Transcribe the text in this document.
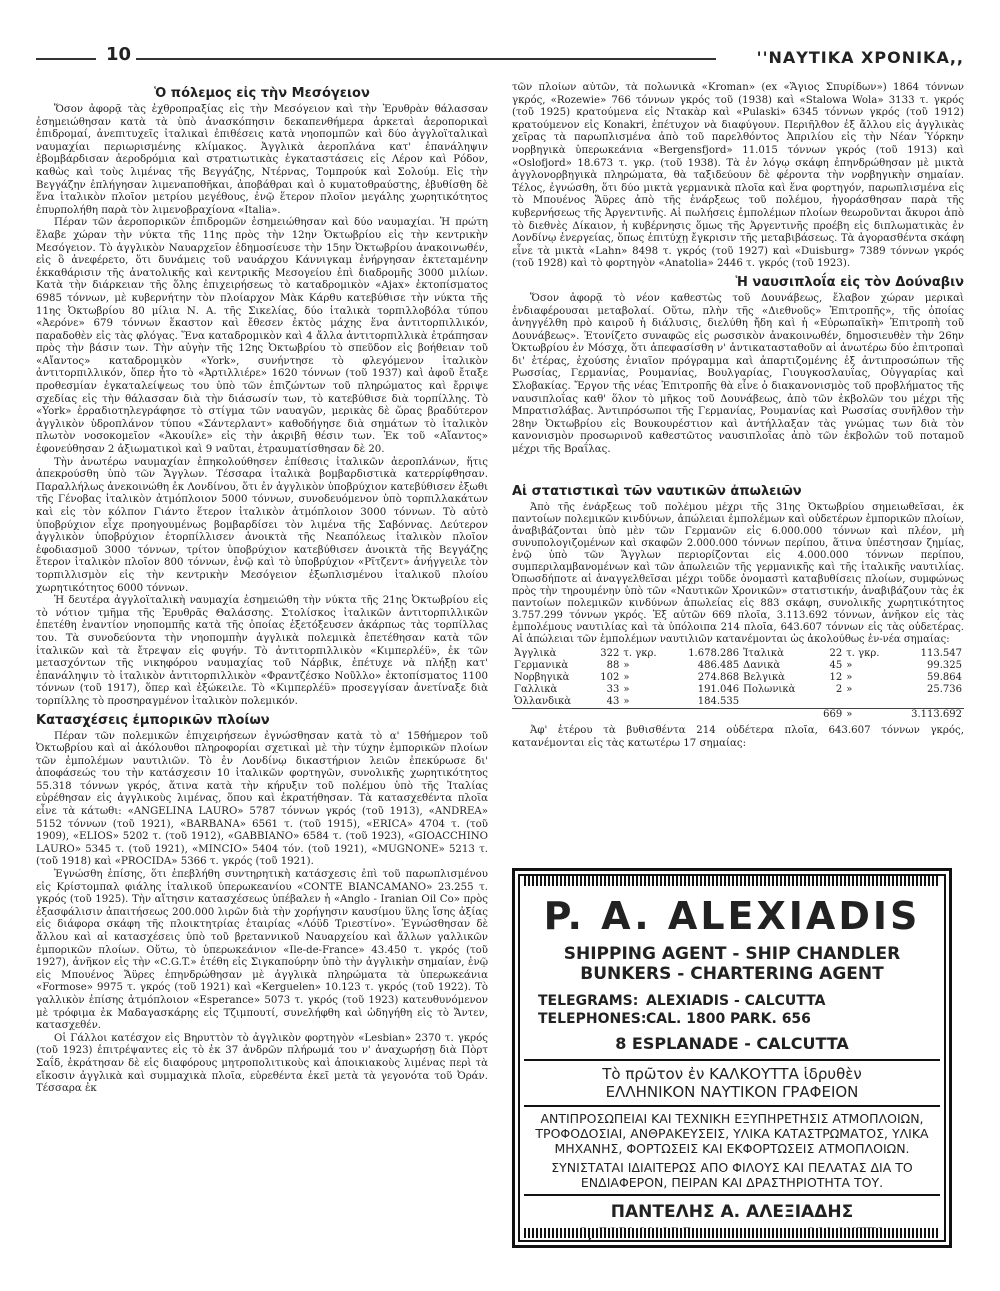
10	''ΝΑΥΤΙΚΑ ΧΡΟΝΙΚΑ,,
Ὁ πόλεμος εἰς τὴν Μεσόγειον

Ὅσον ἀφορᾷ τὰς ἐχθροπραξίας εἰς τὴν Μεσόγειον καὶ τὴν Ἐρυθρὰν θάλασσαν ἐσημειώθησαν κατὰ τὰ ὑπὸ ἀνασκόπησιν δεκαπενθήμερα ἀρκεταὶ ἀεροπορικαὶ ἐπιδρομαί, ἀνεπιτυχεῖς ἰταλικαὶ ἐπιθέσεις κατὰ νηοπομπῶν καὶ δύο ἀγγλοϊταλικαὶ ναυμαχίαι περιωρισμένης κλίμακος. Ἀγγλικὰ ἀεροπλάνα κατ' ἐπανάληψιν ἐβομβάρδισαν ἀεροδρόμια καὶ στρατιωτικὰς ἐγκαταστάσεις εἰς Λέρον καὶ Ρόδον, καθὼς καὶ τοὺς λιμένας τῆς Βεγγάζης, Ντέρνας, Τομπρούκ καὶ Σολούμ. Εἰς τὴν Βεγγάζην ἐπλήγησαν λιμεναποθῆκαι, ἀποβάθραι καὶ ὁ κυματοθραύστης, ἐβυθίσθη δὲ ἕνα ἰταλικὸν πλοῖον μετρίου μεγέθους, ἐνῷ ἕτερον πλοῖον μεγάλης χωρητικότητος ἐπυρπολήθη παρὰ τὸν λιμενοβραχίονα «Italia».

Πέραν τῶν ἀεροπορικῶν ἐπιδρομῶν ἐσημειώθησαν καὶ δύο ναυμαχίαι. Ἡ πρώτη ἔλαβε χώραν τὴν νύκτα τῆς 11ης πρὸς τὴν 12ην Ὀκτωβρίου εἰς τὴν κεντρικὴν Μεσόγειον. Τὸ ἀγγλικὸν Ναυαρχεῖον ἐδημοσίευσε τὴν 15ην Ὀκτωβρίου ἀνακοινωθέν, εἰς ὃ ἀνεφέρετο, ὅτι δυνάμεις τοῦ ναυάρχου Κάννιγκαμ ἐνήργησαν ἐκτεταμένην ἐκκαθάρισιν τῆς ἀνατολικῆς καὶ κεντρικῆς Μεσογείου ἐπὶ διαδρομῆς 3000 μιλίων. Κατὰ τὴν διάρκειαν τῆς ὅλης ἐπιχειρήσεως τὸ καταδρομικὸν «Ajax» ἐκτοπίσματος 6985 τόννων, μὲ κυβερνήτην τὸν πλοίαρχον Μὰκ Κάρθυ κατεβύθισε τὴν νύκτα τῆς 11ης Ὀκτωβρίου 80 μίλια Ν. Α. τῆς Σικελίας, δύο ἰταλικὰ τορπιλλοβόλα τύπου «Ἀερόνε» 679 τόννων ἕκαστον καὶ ἔθεσεν ἐκτὸς μάχης ἕνα ἀντιτορπιλλικόν, παραδοθὲν εἰς τὰς φλόγας. Ἕνα καταδρομικὸν καὶ 4 ἄλλα ἀντιτορπιλλικὰ ἐτράπησαν πρὸς τὴν βάσιν των. Τὴν αὐγὴν τῆς 12ης Ὀκτωβρίου τὸ σπεῦδον εἰς βοήθειαν τοῦ «Αἴαντος» καταδρομικὸν «York», συνήντησε τὸ φλεγόμενον ἰταλικὸν ἀντιτορπιλλικόν, ὅπερ ἦτο τὸ «Ἀρτιλλιέρε» 1620 τόννων (τοῦ 1937) καὶ ἀφοῦ ἔταξε προθεσμίαν ἐγκαταλείψεως του ὑπὸ τῶν ἐπιζώντων τοῦ πληρώματος καὶ ἔρριψε σχεδίας εἰς τὴν θάλασσαν διὰ τὴν διάσωσίν των, τὸ κατεβύθισε διὰ τορπίλλης. Τὸ «York» ἐρραδιοτηλεγράφησε τὸ στίγμα τῶν ναυαγῶν, μερικὰς δὲ ὥρας βραδύτερον ἀγγλικὸν ὑδροπλάνον τύπου «Σάντερλαντ» καθοδήγησε διὰ σημάτων τὸ ἰταλικὸν πλωτὸν νοσοκομεῖον «Ἀκουίλε» εἰς τὴν ἀκριβῆ θέσιν των. Ἐκ τοῦ «Αἴαντος» ἐφονεύθησαν 2 ἀξιωματικοὶ καὶ 9 ναῦται, ἐτραυματίσθησαν δὲ 20.

Τὴν ἀνωτέρω ναυμαχίαν ἐπηκολούθησεν ἐπίθεσις ἰταλικῶν ἀεροπλάνων, ἥτις ἀπεκρούσθη ὑπὸ τῶν Ἄγγλων. Τέσσαρα ἰταλικὰ βομβαρδιστικὰ κατερρίφθησαν. Παραλλήλως ἀνεκοινώθη ἐκ Λονδίνου, ὅτι ἐν ἀγγλικὸν ὑποβρύχιον κατεβύθισεν ἐξωθι τῆς Γένοβας ἰταλικὸν ἀτμόπλοιον 5000 τόννων, συνοδευόμενον ὑπὸ τορπιλλακάτων καὶ εἰς τὸν κόλπον Γιάντο ἕτερον ἰταλικὸν ἀτμόπλοιον 3000 τόννων. Τὸ αὐτὸ ὑποβρύχιον εἶχε προηγουμένως βομβαρδίσει τὸν λιμένα τῆς Σαβόννας. Δεύτερον ἀγγλικὸν ὑποβρύχιον ἐτορπίλλισεν ἀνοικτὰ τῆς Νεαπόλεως ἰταλικὸν πλοῖον ἐφοδιασμοῦ 3000 τόννων, τρίτον ὑποβρύχιον κατεβύθισεν ἀνοικτὰ τῆς Βεγγάζης ἕτερον ἰταλικὸν πλοῖον 800 τόννων, ἐνῷ καὶ τὸ ὑποβρύχιον «Ρῖτζεντ» ἀνήγγειλε τὸν τορπιλλισμὸν εἰς τὴν κεντρικὴν Μεσόγειον ἐξωπλισμένου ἰταλικοῦ πλοίου χωρητικότητος 6000 τόννων.

Ἡ δευτέρα ἀγγλοϊταλικὴ ναυμαχία ἐσημειώθη τὴν νύκτα τῆς 21ης Ὀκτωβρίου εἰς τὸ νότιον τμῆμα τῆς Ἐρυθρᾶς Θαλάσσης. Στολίσκος ἰταλικῶν ἀντιτορπιλλικῶν ἐπετέθη ἐναντίον νηοπομπῆς κατὰ τῆς ὁποίας ἐξετόξευσεν ἀκάρπως τὰς τορπίλλας του. Τὰ συνοδεύοντα τὴν νηοπομπὴν ἀγγλικὰ πολεμικὰ ἐπετέθησαν κατὰ τῶν ἰταλικῶν καὶ τὰ ἔτρεψαν εἰς φυγήν. Τὸ ἀντιτορπιλλικὸν «Κιμπερλέϋ», ἐκ τῶν μετασχόντων τῆς νικηφόρου ναυμαχίας τοῦ Νάρβικ, ἐπέτυχε νὰ πλήξῃ κατ' ἐπανάληψιν τὸ ἰταλικὸν ἀντιτορπιλλικὸν «Φραντζέσκο Νοῦλλο» ἐκτοπίσματος 1100 τόννων (τοῦ 1917), ὅπερ καὶ ἐξώκειλε. Τὸ «Κιμπερλέϋ» προσεγγίσαν ἀνετίναξε διὰ τορπίλλης τὸ προσηραγμένον ἰταλικὸν πολεμικόν.

Κατασχέσεις ἐμπορικῶν πλοίων

Πέραν τῶν πολεμικῶν ἐπιχειρήσεων ἐγνώσθησαν κατὰ τὸ α' 15θήμερον τοῦ Ὀκτωβρίου καὶ αἱ ἀκόλουθοι πληροφορίαι σχετικαὶ μὲ τὴν τύχην ἐμπορικῶν πλοίων τῶν ἐμπολέμων ναυτιλιῶν. Τὸ ἐν Λονδίνῳ δικαστήριον λειῶν ἐπεκύρωσε δι' ἀποφάσεώς του τὴν κατάσχεσιν 10 ἰταλικῶν φορτηγῶν, συνολικῆς χωρητικότητος 55.318 τόννων γκρός, ἅτινα κατὰ τὴν κήρυξιν τοῦ πολέμου ὑπὸ τῆς Ἰταλίας εὑρέθησαν εἰς ἀγγλικοὺς λιμένας, ὅπου καὶ ἐκρατήθησαν. Τὰ κατασχεθέντα πλοῖα εἶνε τὰ κάτωθι: «ANGELINA LAURO» 5787 τόννων γκρός (τοῦ 1913), «ANDREA» 5152 τόννων (τοῦ 1921), «BARBANA» 6561 τ. (τοῦ 1915), «ERICA» 4704 τ. (τοῦ 1909), «ELIOS» 5202 τ. (τοῦ 1912), «GABBIANO» 6584 τ. (τοῦ 1923), «GIOACCHINO LAURO» 5345 τ. (τοῦ 1921), «MINCIO» 5404 τόν. (τοῦ 1921), «MUGNONE» 5213 τ. (τοῦ 1918) καὶ «PROCIDA» 5366 τ. γκρός (τοῦ 1921).

Ἐγνώσθη ἐπίσης, ὅτι ἐπεβλήθη συντηρητικὴ κατάσχεσις ἐπὶ τοῦ παρωπλισμένου εἰς Κρίστομπαλ φιάλης ἰταλικοῦ ὑπερωκεανίου «CONTE BIANCAMANO» 23.255 τ. γκρός (τοῦ 1925). Τὴν αἴτησιν κατασχέσεως ὑπέβαλεν ἡ «Anglo - Iranian Oil Co» πρὸς ἐξασφάλισιν ἀπαιτήσεως 200.000 λιρῶν διὰ τὴν χορήγησιν καυσίμου ὕλης ἴσης ἀξίας εἰς διάφορα σκάφη τῆς πλοικτητρίας ἑταιρίας «Λόϋδ Τριεστίνο». Ἐγνώσθησαν δὲ ἄλλου καὶ αἱ κατασχέσεις ὑπὸ τοῦ βρεταννικοῦ Ναυαρχείου καὶ ἄλλων γαλλικῶν ἐμπορικῶν πλοίων. Οὕτω, τὸ ὑπερωκεάνιον «Ile-de-France» 43.450 τ. γκρός (τοῦ 1927), ἀνῆκον εἰς τὴν «C.G.T.» ἐτέθη εἰς Σιγκαπούρην ὑπὸ τὴν ἀγγλικὴν σημαίαν, ἐνῷ εἰς Μπουένος Ἄϋρες ἐπηνδρώθησαν μὲ ἀγγλικὰ πληρώματα τὰ ὑπερωκεάνια «Formose» 9975 τ. γκρός (τοῦ 1921) καὶ «Kerguelen» 10.123 τ. γκρός (τοῦ 1922). Τὸ γαλλικὸν ἐπίσης ἀτμόπλοιον «Esperance» 5073 τ. γκρός (τοῦ 1923) κατευθυνόμενον μὲ τρόφιμα ἐκ Μαδαγασκάρης εἰς Τζιμπουτί, συνελήφθη καὶ ὡδηγήθη εἰς τὸ Ἄντεν, κατασχεθέν.

Οἱ Γάλλοι κατέσχον εἰς Βηρυττὸν τὸ ἀγγλικὸν φορτηγὸν «Lesbian» 2370 τ. γκρός (τοῦ 1923) ἐπιτρέψαντες εἰς τὸ ἐκ 37 ἀνδρῶν πλήρωμά του ν' ἀναχωρήσῃ διὰ Πὸρτ Σαΐδ, ἐκράτησαν δὲ εἰς διαφόρους μητροπολιτικοὺς καὶ ἀποικιακοὺς λιμένας περὶ τὰ εἴκοσιν ἀγγλικὰ καὶ συμμαχικὰ πλοῖα, εὑρεθέντα ἐκεῖ μετὰ τὰ γεγονότα τοῦ Ὀράν. Τέσσαρα ἐκ

τῶν πλοίων αὐτῶν, τὰ πολωνικὰ «Kroman» (ex «Ἅγιος Σπυρίδων») 1864 τόννων γκρός, «Rozewie» 766 τόννων γκρός τοῦ (1938) καὶ «Stalowa Wola» 3133 τ. γκρός (τοῦ 1925) κρατούμενα εἰς Ντακὰρ καὶ «Pulaski» 6345 τόννων γκρός (τοῦ 1912) κρατούμενον εἰς Konakri, ἐπέτυχον νὰ διαφύγουν. Περιῆλθον ἐξ ἄλλου εἰς ἀγγλικὰς χεῖρας τὰ παρωπλισμένα ἀπὸ τοῦ παρελθόντος Ἀπριλίου εἰς τὴν Νέαν Ὑόρκην νορβηγικὰ ὑπερωκεάνια «Bergensfjord» 11.015 τόννων γκρός (τοῦ 1913) καὶ «Oslofjord» 18.673 τ. γκρ. (τοῦ 1938). Τὰ ἐν λόγῳ σκάφη ἐπηνδρώθησαν μὲ μικτὰ ἀγγλονορβηγικὰ πληρώματα, θὰ ταξιδεύουν δὲ φέροντα τὴν νορβηγικὴν σημαίαν. Τέλος, ἐγνώσθη, ὅτι δύο μικτὰ γερμανικὰ πλοῖα καὶ ἕνα φορτηγόν, παρωπλισμένα εἰς τὸ Μπουένος Ἄϋρες ἀπὸ τῆς ἐνάρξεως τοῦ πολέμου, ἠγοράσθησαν παρὰ τῆς κυβερνήσεως τῆς Ἀργεντινῆς. Αἱ πωλήσεις ἐμπολέμων πλοίων θεωροῦνται ἄκυροι ἀπὸ τὸ διεθνὲς Δίκαιον, ἡ κυβέρνησις ὅμως τῆς Ἀργεντινῆς προέβη εἰς διπλωματικὰς ἐν Λονδίνῳ ἐνεργείας, ὅπως ἐπιτύχῃ ἔγκρισιν τῆς μεταβιβάσεως. Τὰ ἀγορασθέντα σκάφη εἶνε τὰ μικτὰ «Lahn» 8498 τ. γκρός (τοῦ 1927) καὶ «Duisburg» 7389 τόννων γκρός (τοῦ 1928) καὶ τὸ φορτηγὸν «Anatolia» 2446 τ. γκρός (τοῦ 1923).

Ἡ ναυσιπλοΐα εἰς τὸν Δούναβιν

Ὅσον ἀφορᾷ τὸ νέον καθεστὼς τοῦ Δουνάβεως, ἔλαβον χώραν μερικαὶ ἐνδιαφέρουσαι μεταβολαί. Οὕτω, πλὴν τῆς «Διεθνοῦς» Ἐπιτροπῆς», τῆς ὁποίας ἀνηγγέλθη πρὸ καιροῦ ἡ διάλυσις, διελύθη ἤδη καὶ ἡ «Εὐρωπαϊκὴ» Ἐπιτροπὴ τοῦ Δουνάβεως». Ἐτονίζετο συναφῶς εἰς ρωσσικὸν ἀνακοινωθέν, δημοσιευθὲν τὴν 26ην Ὀκτωβρίου ἐν Μόσχᾳ, ὅτι ἀπεφασίσθη ν' ἀντικατασταθοῦν αἱ ἀνωτέρω δύο ἐπιτροπαὶ δι' ἑτέρας, ἐχούσης ἐνιαῖον πρόγραμμα καὶ ἀπαρτιζομένης ἐξ ἀντιπροσώπων τῆς Ρωσσίας, Γερμανίας, Ρουμανίας, Βουλγαρίας, Γιουγκοσλαυΐας, Οὑγγαρίας καὶ Σλοβακίας. Ἔργον τῆς νέας Ἐπιτροπῆς θὰ εἶνε ὁ διακανονισμὸς τοῦ προβλήματος τῆς ναυσιπλοΐας καθ' ὅλον τὸ μῆκος τοῦ Δουνάβεως, ἀπὸ τῶν ἐκβολῶν του μέχρι τῆς Μπρατισλάβας. Ἀντιπρόσωποι τῆς Γερμανίας, Ρουμανίας καὶ Ρωσσίας συνῆλθον τὴν 28ην Ὀκτωβρίου εἰς Βουκουρέστιον καὶ ἀντήλλαξαν τὰς γνώμας των διὰ τὸν κανονισμὸν προσωρινοῦ καθεστῶτος ναυσιπλοΐας ἀπὸ τῶν ἐκβολῶν τοῦ ποταμοῦ μέχρι τῆς Βραΐλας.

Αἱ στατιστικαὶ τῶν ναυτικῶν ἀπωλειῶν

Ἀπὸ τῆς ἐνάρξεως τοῦ πολέμου μέχρι τῆς 31ης Ὀκτωβρίου σημειωθεῖσαι, ἐκ παντοίων πολεμικῶν κινδύνων, ἀπώλειαι ἐμπολέμων καὶ οὐδετέρων ἐμπορικῶν πλοίων, ἀναβιβάζονται ὑπὸ μὲν τῶν Γερμανῶν εἰς 6.000.000 τόννων καὶ πλέον, μὴ συνυπολογιζομένων καὶ σκαφῶν 2.000.000 τόννων περίπου, ἅτινα ὑπέστησαν ζημίας, ἐνῷ ὑπὸ τῶν Ἄγγλων περιορίζονται εἰς 4.000.000 τόννων περίπου, συμπεριλαμβανομένων καὶ τῶν ἀπωλειῶν τῆς γερμανικῆς καὶ τῆς ἰταλικῆς ναυτιλίας. Ὀπωσδήποτε αἱ ἀναγγελθεῖσαι μέχρι τοῦδε ὀνομαστὶ καταβυθίσεις πλοίων, συμφώνως πρὸς τὴν τηρουμένην ὑπὸ τῶν «Ναυτικῶν Χρονικῶν» στατιστικήν, ἀναβιβάζουν τὰς ἐκ παντοίων πολεμικῶν κινδύνων ἀπωλείας εἰς 883 σκάφη, συνολικῆς χωρητικότητος 3.757.299 τόννων γκρός. Ἐξ αὐτῶν 669 πλοῖα, 3.113.692 τόννων, ἀνῆκον εἰς τὰς ἐμπολέμους ναυτιλίας καὶ τὰ ὑπόλοιπα 214 πλοῖα, 643.607 τόννων εἰς τὰς οὐδετέρας. Αἱ ἀπώλειαι τῶν ἐμπολέμων ναυτιλιῶν κατανέμονται ὡς ἀκολούθως ἐν-νέα σημαίας:

Ἀγγλικὰ	322	τ. γκρ.	1.678.286	Ἰταλικὰ	22	τ. γκρ.	113.547
Γερμανικὰ	88	»	486.485	Δανικὰ	45	»	99.325
Νορβηγικὰ	102	»	274.868	Βελγικὰ	12	»	59.864
Γαλλικὰ	33	»	191.046	Πολωνικὰ	2	»	25.736
Ὁλλανδικὰ	43	»	184.535				
					669	»	3.113.692

Ἀφ' ἑτέρου τὰ βυθισθέντα 214 οὐδέτερα πλοῖα, 643.607 τόννων γκρός, κατανέμονται εἰς τὰς κατωτέρω 17 σημαίας:

P. A. ALEXIADIS
SHIPPING AGENT - SHIP CHANDLER
BUNKERS - CHARTERING AGENT
TELEGRAMS: ALEXIADIS - CALCUTTA
TELEPHONES:CAL. 1800 PARK. 656
8 ESPLANADE - CALCUTTA
Τὸ πρῶτον ἐν ΚΑΛΚΟΥΤΤΑ ἱδρυθὲν
ΕΛΛΗΝΙΚΟΝ ΝΑΥΤΙΚΟΝ ΓΡΑΦΕΙΟΝ
ΑΝΤΙΠΡΟΣΩΠΕΙΑΙ ΚΑΙ ΤΕΧΝΙΚΗ ΕΞΥΠΗΡΕΤΗΣΙΣ ΑΤΜΟΠΛΟΙΩΝ, ΤΡΟΦΟΔΟΣΙΑΙ, ΑΝΘΡΑΚΕΥΣΕΙΣ, ΥΛΙΚΑ ΚΑΤΑΣΤΡΩΜΑΤΟΣ, ΥΛΙΚΑ ΜΗΧΑΝΗΣ, ΦΟΡΤΩΣΕΙΣ ΚΑΙ ΕΚΦΟΡΤΩΣΕΙΣ ΑΤΜΟΠΛΟΙΩΝ.
ΣΥΝΙΣΤΑΤΑΙ ΙΔΙΑΙΤΕΡΩΣ ΑΠΟ ΦΙΛΟΥΣ ΚΑΙ ΠΕΛΑΤΑΣ ΔΙΑ ΤΟ ΕΝΔΙΑΦΕΡΟΝ, ΠΕΙΡΑΝ ΚΑΙ ΔΡΑΣΤΗΡΙΟΤΗΤΑ ΤΟΥ.
ΠΑΝΤΕΛΗΣ Α. ΑΛΕΞΙΑΔΗΣ
